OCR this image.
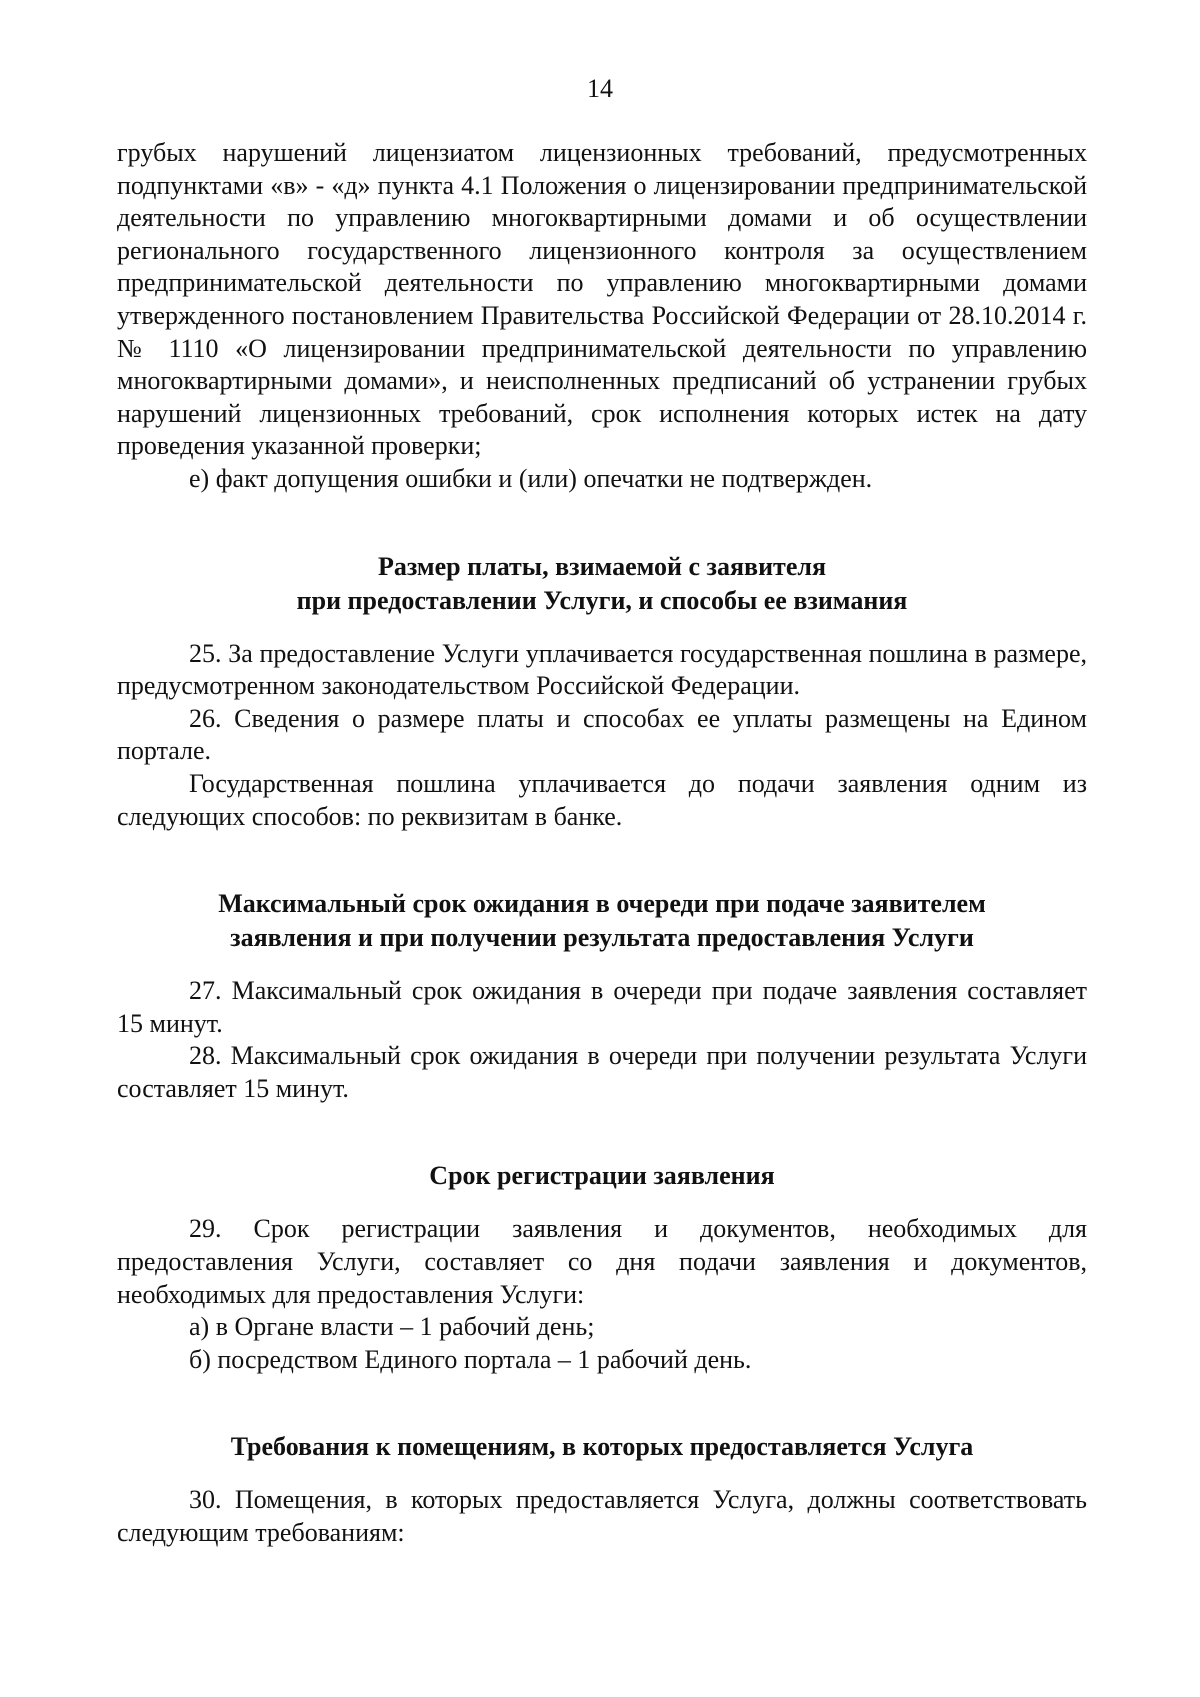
14

грубых нарушений лицензиатом лицензионных требований, предусмотренных подпунктами «в» - «д» пункта 4.1 Положения о лицензировании предпринимательской деятельности по управлению многоквартирными домами и об осуществлении регионального государственного лицензионного контроля за осуществлением предпринимательской деятельности по управлению многоквартирными домами утвержденного постановлением Правительства Российской Федерации от 28.10.2014 г. № 1110 «О лицензировании предпринимательской деятельности по управлению многоквартирными домами», и неисполненных предписаний об устранении грубых нарушений лицензионных требований, срок исполнения которых истек на дату проведения указанной проверки;

е) факт допущения ошибки и (или) опечатки не подтвержден.

Размер платы, взимаемой с заявителя
при предоставлении Услуги, и способы ее взимания

25. За предоставление Услуги уплачивается государственная пошлина в размере, предусмотренном законодательством Российской Федерации.

26. Сведения о размере платы и способах ее уплаты размещены на Едином портале.

Государственная пошлина уплачивается до подачи заявления одним из следующих способов: по реквизитам в банке.

Максимальный срок ожидания в очереди при подаче заявителем
заявления и при получении результата предоставления Услуги

27. Максимальный срок ожидания в очереди при подаче заявления составляет 15 минут.

28. Максимальный срок ожидания в очереди при получении результата Услуги составляет 15 минут.

Срок регистрации заявления

29. Срок регистрации заявления и документов, необходимых для предоставления Услуги, составляет со дня подачи заявления и документов, необходимых для предоставления Услуги:

а) в Органе власти – 1 рабочий день;

б) посредством Единого портала – 1 рабочий день.

Требования к помещениям, в которых предоставляется Услуга

30. Помещения, в которых предоставляется Услуга, должны соответствовать следующим требованиям:
